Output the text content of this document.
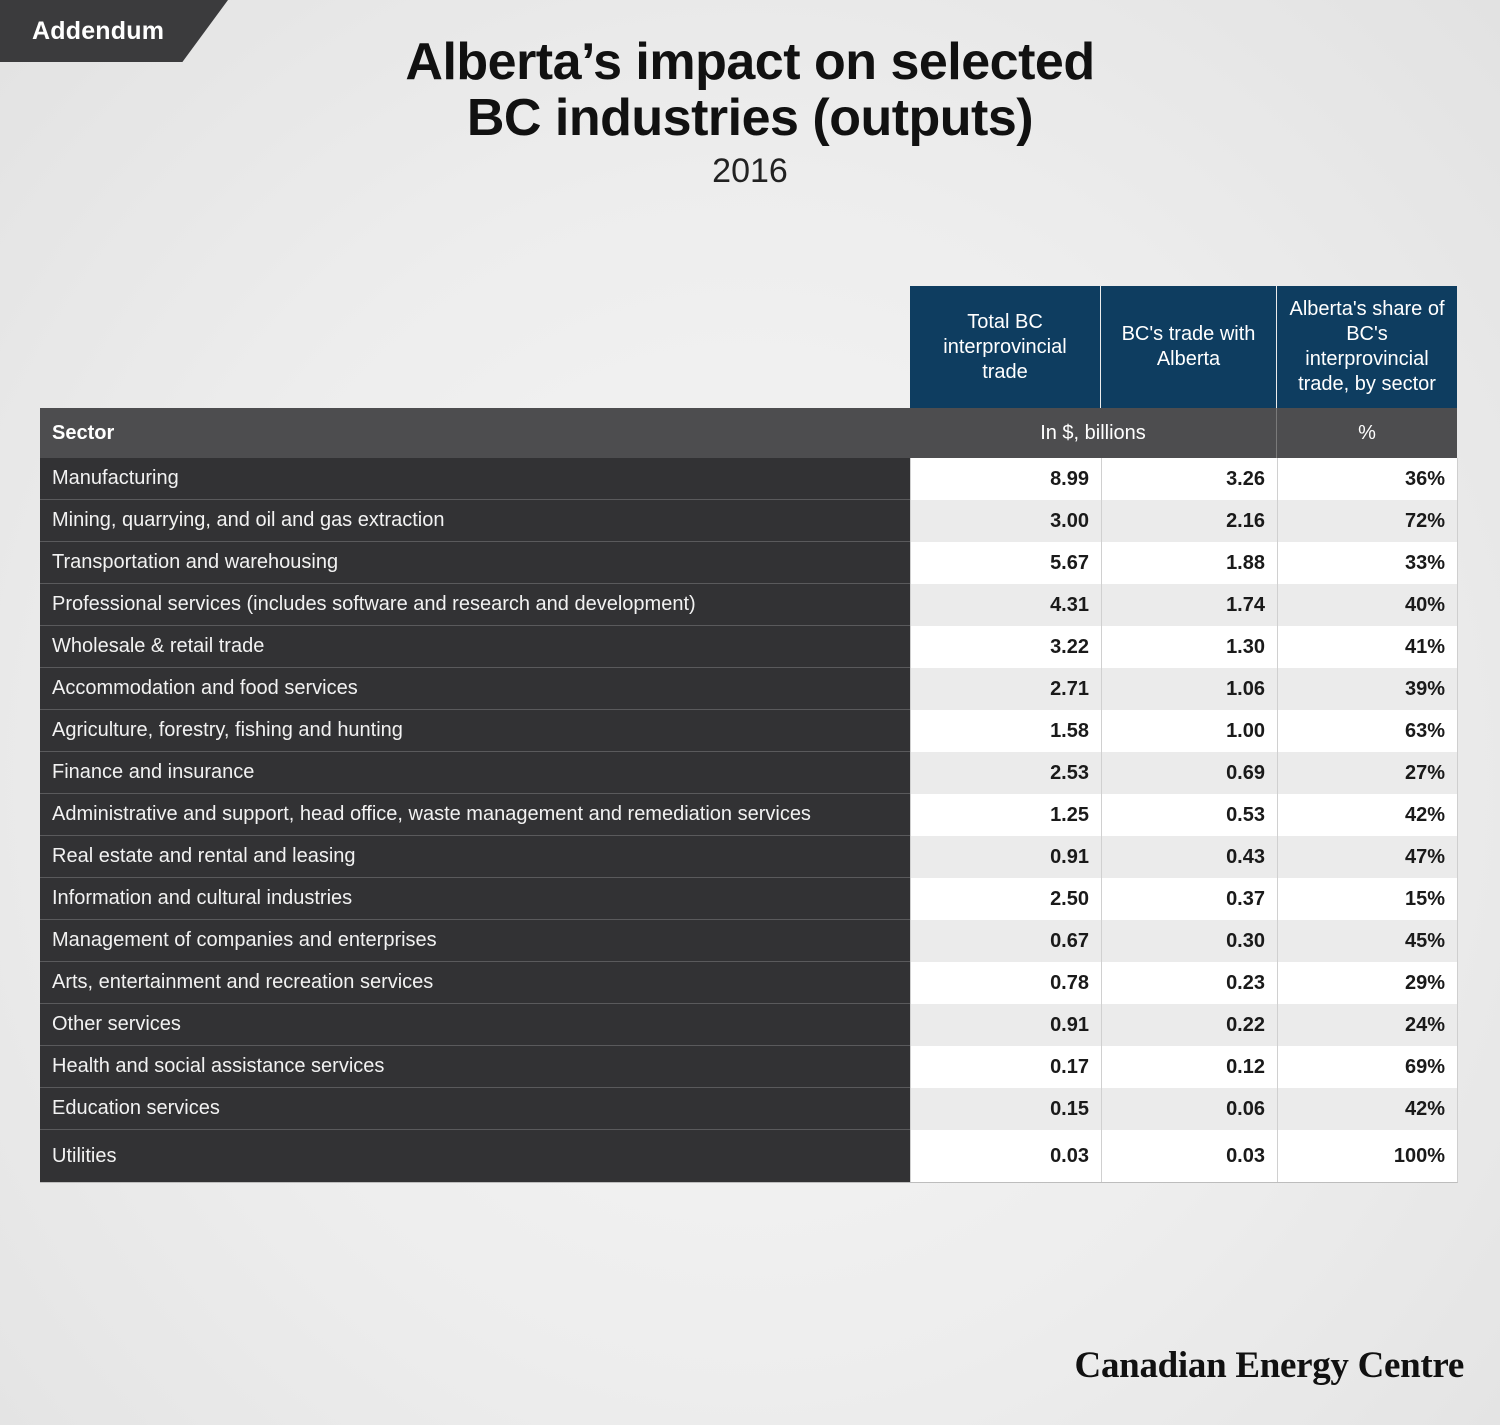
Addendum
Alberta’s impact on selected
BC industries (outputs)
2016
Total BC interprovincial trade
BC's trade with Alberta
Alberta's share of BC's interprovincial trade, by sector
Sector	In $, billions	%
Manufacturing	8.99	3.26	36%
Mining, quarrying, and oil and gas extraction	3.00	2.16	72%
Transportation and warehousing	5.67	1.88	33%
Professional services (includes software and research and development)	4.31	1.74	40%
Wholesale & retail trade	3.22	1.30	41%
Accommodation and food services	2.71	1.06	39%
Agriculture, forestry, fishing and hunting	1.58	1.00	63%
Finance and insurance	2.53	0.69	27%
Administrative and support, head office, waste management and remediation services	1.25	0.53	42%
Real estate and rental and leasing	0.91	0.43	47%
Information and cultural industries	2.50	0.37	15%
Management of companies and enterprises	0.67	0.30	45%
Arts, entertainment and recreation services	0.78	0.23	29%
Other services	0.91	0.22	24%
Health and social assistance services	0.17	0.12	69%
Education services	0.15	0.06	42%
Utilities	0.03	0.03	100%
Canadian Energy Centre
